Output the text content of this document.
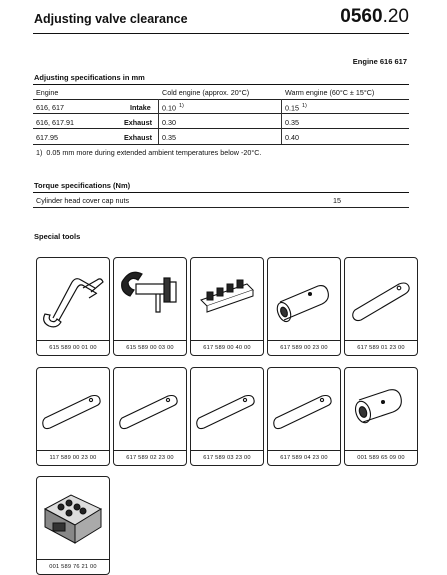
Adjusting valve clearance	0560.20
Engine 616 617
Adjusting specifications in mm
Engine	Cold engine (approx. 20°C)	Warm engine (60°C ± 15°C)
616, 617	Intake 0.10 $^{1)}$	0.15 $^{1)}$
616, 617.91	Exhaust 0.30	0.35
617.95	Exhaust 0.35	0.40
1) 0.05 mm more during extended ambient temperatures below -20°C.
Torque specifications (Nm)
Cylinder head cover cap nuts	15
Special tools
615 589 00 01 00	615 589 00 03 00	617 589 00 40 00	617 589 00 23 00	617 589 01 23 00
117 589 00 23 00	617 589 02 23 00	617 589 03 23 00	617 589 04 23 00	001 589 65 09 00
001 589 76 21 00
